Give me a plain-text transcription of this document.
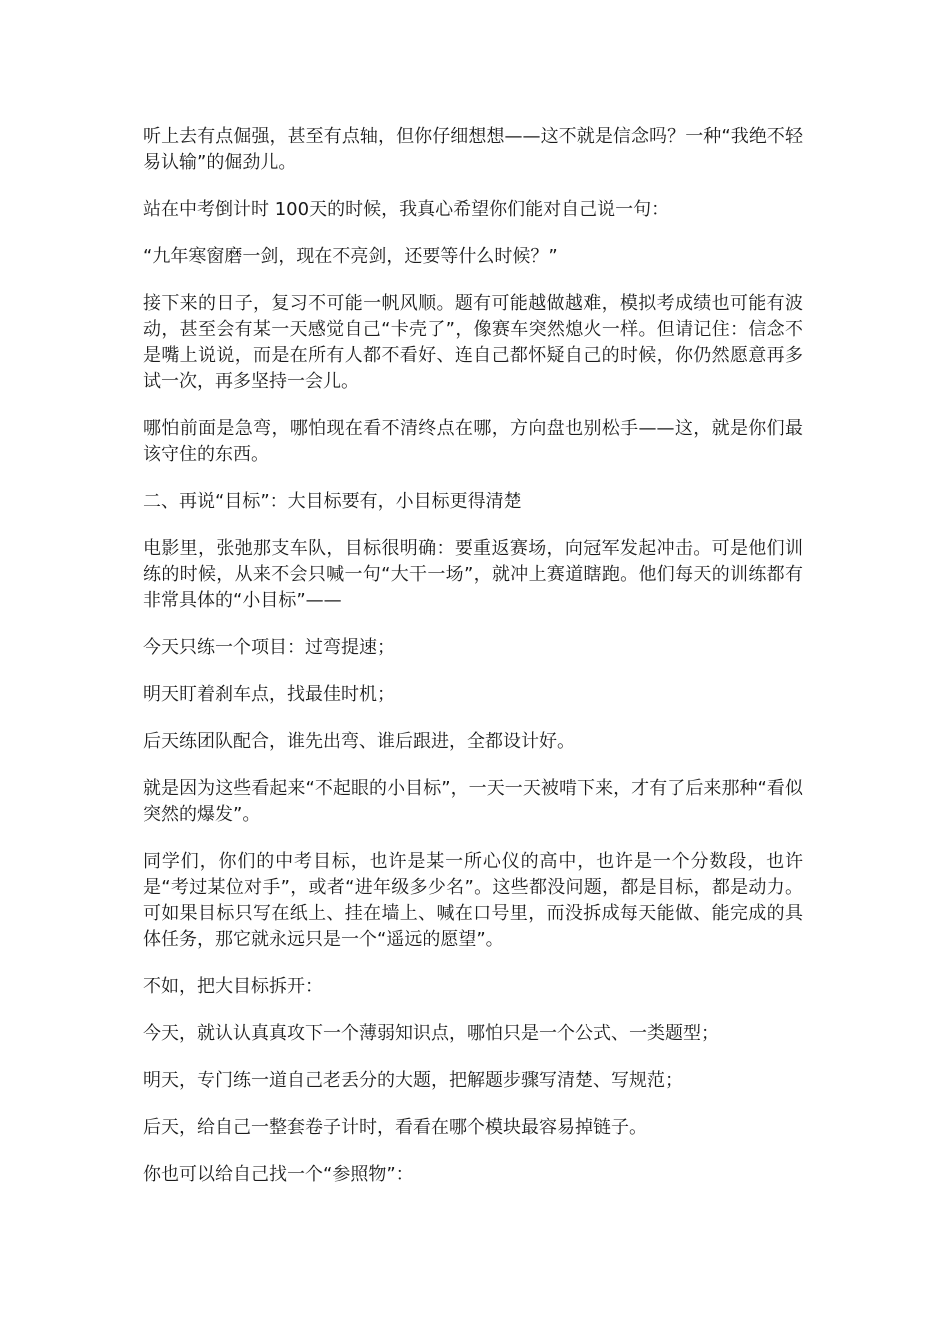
听上去有点倔强，甚至有点轴，但你仔细想想——这不就是信念吗？一种“我绝不轻易认输”的倔劲儿。

站在中考倒计时 100天的时候，我真心希望你们能对自己说一句：

“九年寒窗磨一剑，现在不亮剑，还要等什么时候？”

接下来的日子，复习不可能一帆风顺。题有可能越做越难，模拟考成绩也可能有波动，甚至会有某一天感觉自己“卡壳了”，像赛车突然熄火一样。但请记住：信念不是嘴上说说，而是在所有人都不看好、连自己都怀疑自己的时候，你仍然愿意再多试一次，再多坚持一会儿。

哪怕前面是急弯，哪怕现在看不清终点在哪，方向盘也别松手——这，就是你们最该守住的东西。

二、再说“目标”：大目标要有，小目标更得清楚

电影里，张弛那支车队，目标很明确：要重返赛场，向冠军发起冲击。可是他们训练的时候，从来不会只喊一句“大干一场”，就冲上赛道瞎跑。他们每天的训练都有非常具体的“小目标”——

今天只练一个项目：过弯提速；

明天盯着刹车点，找最佳时机；

后天练团队配合，谁先出弯、谁后跟进，全都设计好。

就是因为这些看起来“不起眼的小目标”，一天一天被啃下来，才有了后来那种“看似突然的爆发”。

同学们，你们的中考目标，也许是某一所心仪的高中，也许是一个分数段，也许是“考过某位对手”，或者“进年级多少名”。这些都没问题，都是目标，都是动力。可如果目标只写在纸上、挂在墙上、喊在口号里，而没拆成每天能做、能完成的具体任务，那它就永远只是一个“遥远的愿望”。

不如，把大目标拆开：

今天，就认认真真攻下一个薄弱知识点，哪怕只是一个公式、一类题型；

明天，专门练一道自己老丢分的大题，把解题步骤写清楚、写规范；

后天，给自己一整套卷子计时，看看在哪个模块最容易掉链子。

你也可以给自己找一个“参照物”：
